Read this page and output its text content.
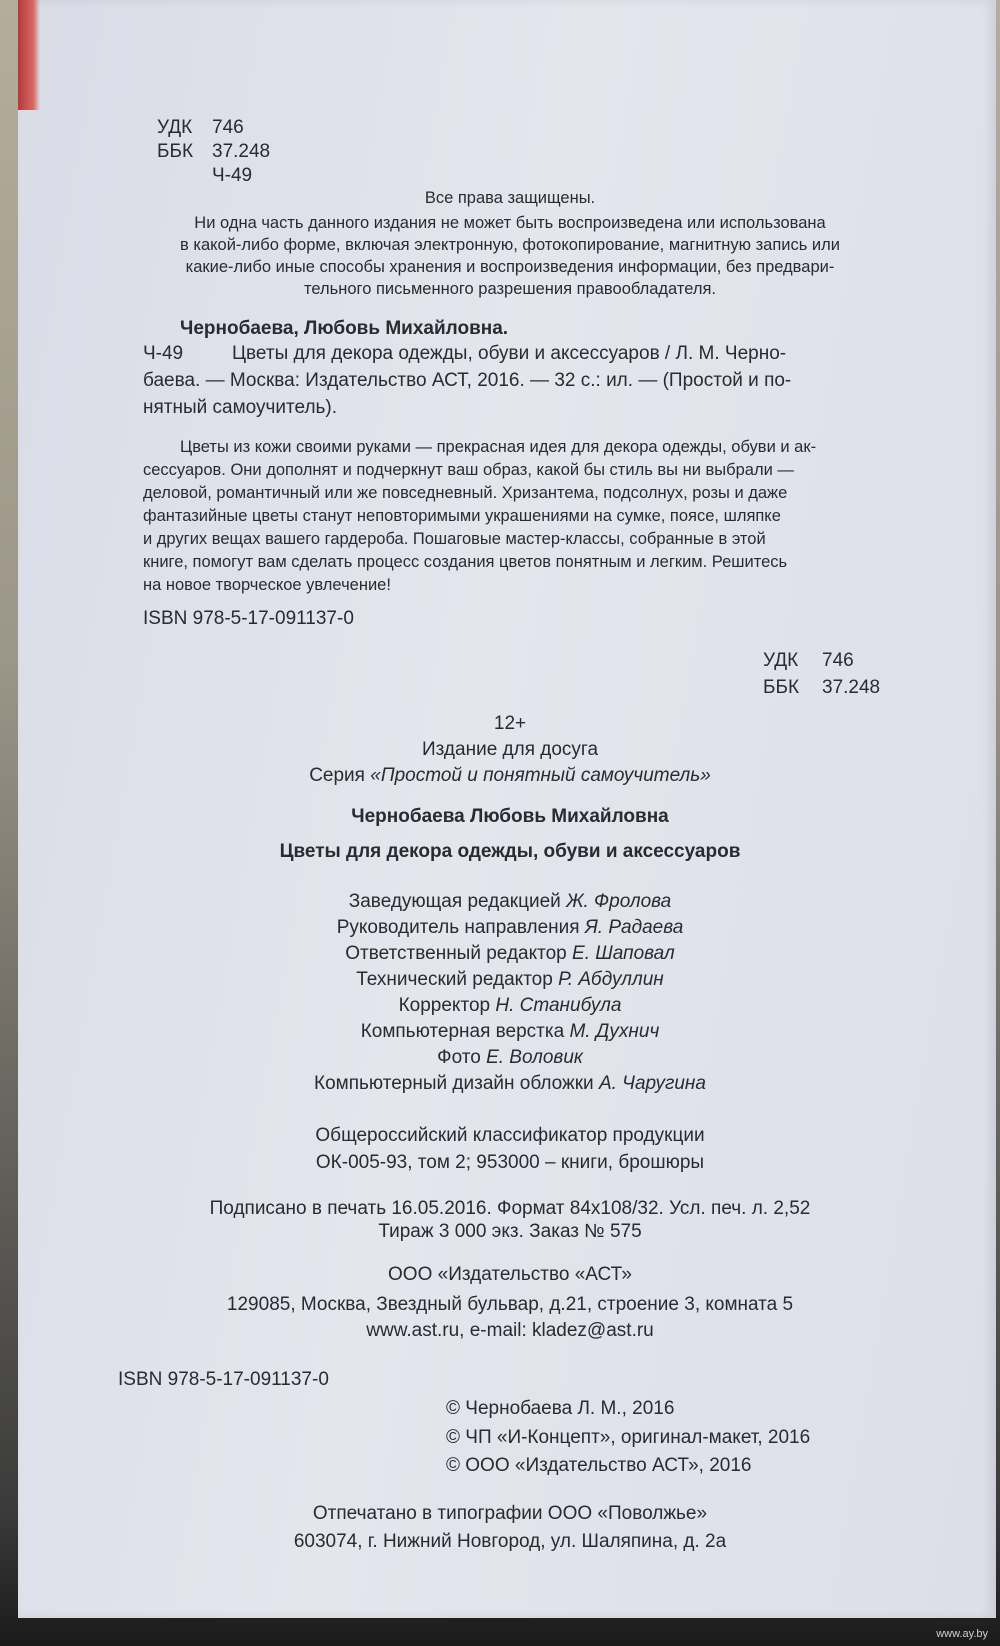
УДК 746
ББК 37.248
Ч-49
Все права защищены.
Ни одна часть данного издания не может быть воспроизведена или использована
в какой-либо форме, включая электронную, фотокопирование, магнитную запись или
какие-либо иные способы хранения и воспроизведения информации, без предвари-
тельного письменного разрешения правообладателя.
Чернобаева, Любовь Михайловна.
Ч-49	Цветы для декора одежды, обуви и аксессуаров / Л. М. Черно-
баева. — Москва: Издательство АСТ, 2016. — 32 с.: ил. — (Простой и по-
нятный самоучитель).
Цветы из кожи своими руками — прекрасная идея для декора одежды, обуви и ак-
сессуаров. Они дополнят и подчеркнут ваш образ, какой бы стиль вы ни выбрали —
деловой, романтичный или же повседневный. Хризантема, подсолнух, розы и даже
фантазийные цветы станут неповторимыми украшениями на сумке, поясе, шляпке
и других вещах вашего гардероба. Пошаговые мастер-классы, собранные в этой
книге, помогут вам сделать процесс создания цветов понятным и легким. Решитесь
на новое творческое увлечение!
ISBN 978-5-17-091137-0
УДК 746
ББК 37.248
12+
Издание для досуга
Серия «Простой и понятный самоучитель»
Чернобаева Любовь Михайловна
Цветы для декора одежды, обуви и аксессуаров
Заведующая редакцией Ж. Фролова
Руководитель направления Я. Радаева
Ответственный редактор Е. Шаповал
Технический редактор Р. Абдуллин
Корректор Н. Станибула
Компьютерная верстка М. Духнич
Фото Е. Воловик
Компьютерный дизайн обложки А. Чаругина
Общероссийский классификатор продукции
ОК-005-93, том 2; 953000 – книги, брошюры
Подписано в печать 16.05.2016. Формат 84х108/32. Усл. печ. л. 2,52
Тираж 3 000 экз. Заказ № 575
ООО «Издательство «АСТ»
129085, Москва, Звездный бульвар, д.21, строение 3, комната 5
www.ast.ru, e-mail: kladez@ast.ru
ISBN 978-5-17-091137-0
© Чернобаева Л. М., 2016
© ЧП «И-Концепт», оригинал-макет, 2016
© ООО «Издательство АСТ», 2016
Отпечатано в типографии ООО «Поволжье»
603074, г. Нижний Новгород, ул. Шаляпина, д. 2а
www.ay.by
